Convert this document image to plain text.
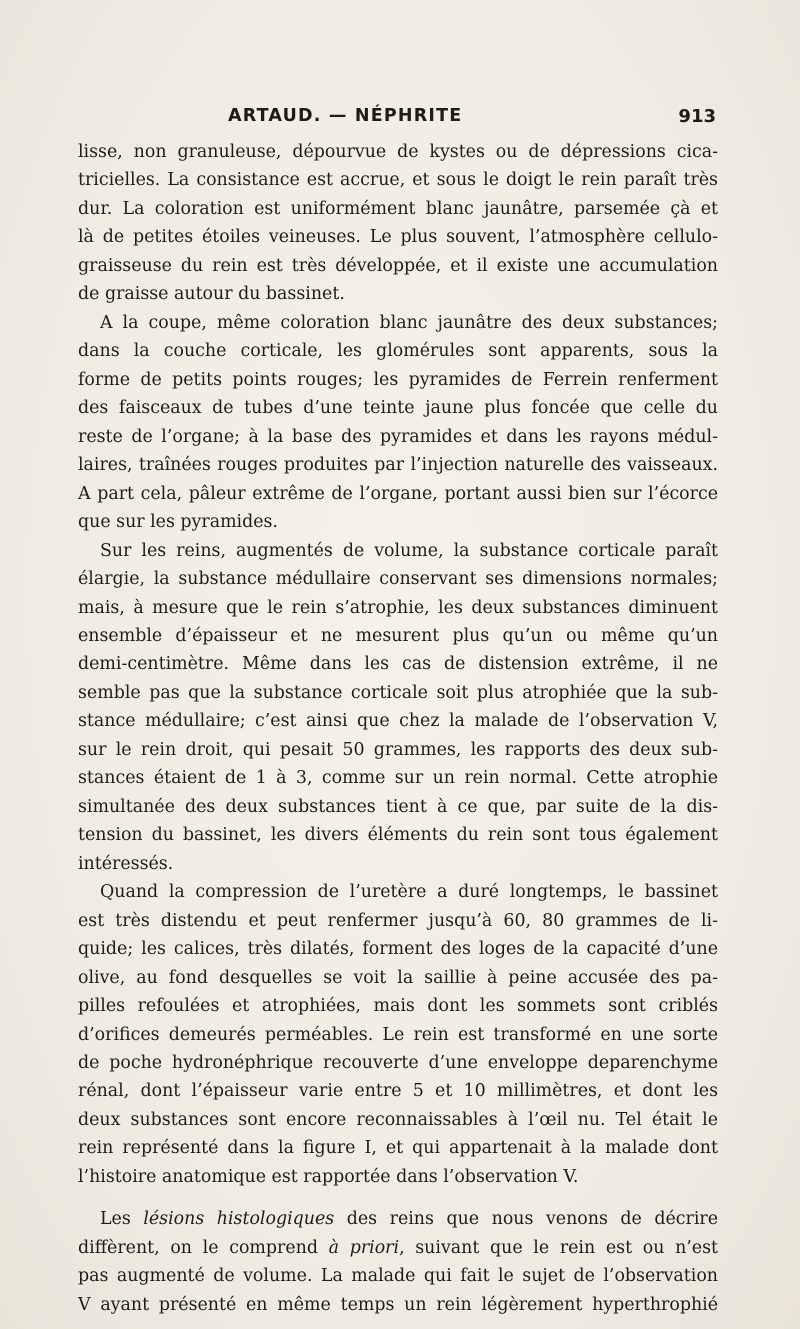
ARTAUD. — NÉPHRITE	913
lisse, non granuleuse, dépourvue de kystes ou de dépressions cica-
tricielles. La consistance est accrue, et sous le doigt le rein paraît très
dur. La coloration est uniformément blanc jaunâtre, parsemée çà et
là de petites étoiles veineuses. Le plus souvent, l’atmosphère cellulo-
graisseuse du rein est très développée, et il existe une accumulation
de graisse autour du bassinet.
A la coupe, même coloration blanc jaunâtre des deux substances;
dans la couche corticale, les glomérules sont apparents, sous la
forme de petits points rouges; les pyramides de Ferrein renferment
des faisceaux de tubes d’une teinte jaune plus foncée que celle du
reste de l’organe; à la base des pyramides et dans les rayons médul-
laires, traînées rouges produites par l’injection naturelle des vaisseaux.
A part cela, pâleur extrême de l’organe, portant aussi bien sur l’écorce
que sur les pyramides.
Sur les reins, augmentés de volume, la substance corticale paraît
élargie, la substance médullaire conservant ses dimensions normales;
mais, à mesure que le rein s’atrophie, les deux substances diminuent
ensemble d’épaisseur et ne mesurent plus qu’un ou même qu’un
demi-centimètre. Même dans les cas de distension extrême, il ne
semble pas que la substance corticale soit plus atrophiée que la sub-
stance médullaire; c’est ainsi que chez la malade de l’observation V,
sur le rein droit, qui pesait 50 grammes, les rapports des deux sub-
stances étaient de 1 à 3, comme sur un rein normal. Cette atrophie
simultanée des deux substances tient à ce que, par suite de la dis-
tension du bassinet, les divers éléments du rein sont tous également
intéressés.
Quand la compression de l’uretère a duré longtemps, le bassinet
est très distendu et peut renfermer jusqu’à 60, 80 grammes de li-
quide; les calices, très dilatés, forment des loges de la capacité d’une
olive, au fond desquelles se voit la saillie à peine accusée des pa-
pilles refoulées et atrophiées, mais dont les sommets sont criblés
d’orifices demeurés perméables. Le rein est transformé en une sorte
de poche hydronéphrique recouverte d’une enveloppe deparenchyme
rénal, dont l’épaisseur varie entre 5 et 10 millimètres, et dont les
deux substances sont encore reconnaissables à l’œil nu. Tel était le
rein représenté dans la figure I, et qui appartenait à la malade dont
l’histoire anatomique est rapportée dans l’observation V.
Les lésions histologiques des reins que nous venons de décrire
diffèrent, on le comprend à priori, suivant que le rein est ou n’est
pas augmenté de volume. La malade qui fait le sujet de l’observation
V ayant présenté en même temps un rein légèrement hyperthrophié
